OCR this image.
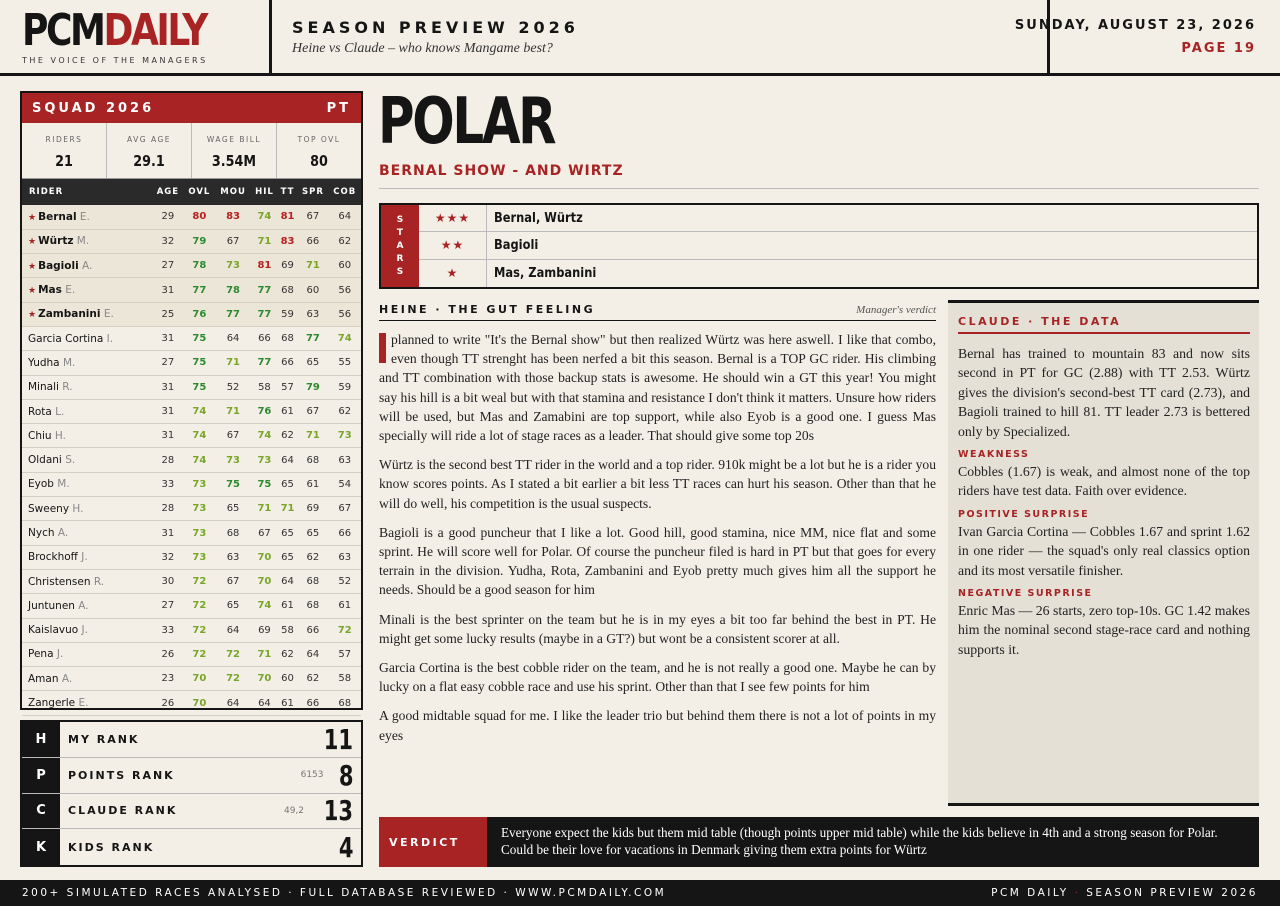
PCMDAILY
THE VOICE OF THE MANAGERS
SEASON PREVIEW 2026
Heine vs Claude – who knows Mangame best?
SUNDAY, AUGUST 23, 2026
PAGE 19
SQUAD 2026	PT
RIDERS
21
AVG AGE
29.1
WAGE BILL
3.54M
TOP OVL
80
RIDER	AGE	OVL	MOU	HIL	TT	SPR	COB
★ Bernal E.	29	80	83	74	81	67	64
★ Würtz M.	32	79	67	71	83	66	62
★ Bagioli A.	27	78	73	81	69	71	60
★ Mas E.	31	77	78	77	68	60	56
★ Zambanini E.	25	76	77	77	59	63	56
Garcia Cortina I.	31	75	64	66	68	77	74
Yudha M.	27	75	71	77	66	65	55
Minali R.	31	75	52	58	57	79	59
Rota L.	31	74	71	76	61	67	62
Chiu H.	31	74	67	74	62	71	73
Oldani S.	28	74	73	73	64	68	63
Eyob M.	33	73	75	75	65	61	54
Sweeny H.	28	73	65	71	71	69	67
Nych A.	31	73	68	67	65	65	66
Brockhoff J.	32	73	63	70	65	62	63
Christensen R.	30	72	67	70	64	68	52
Juntunen A.	27	72	65	74	61	68	61
Kaislavuo J.	33	72	64	69	58	66	72
Pena J.	26	72	72	71	62	64	57
Aman A.	23	70	72	70	60	62	58
Zangerle E.	26	70	64	64	61	66	68
H	MY RANK	11
P	POINTS RANK	6153 8
C	CLAUDE RANK	49,2 13
K	KIDS RANK	4
POLAR
BERNAL SHOW - AND WIRTZ
S
T
A
R
S
★★★	Bernal, Würtz
★★	Bagioli
★	Mas, Zambanini
HEINE · THE GUT FEELING	Manager's verdict

planned to write "It's the Bernal show" but then realized Würtz was here aswell. I like that combo, even though TT strenght has been nerfed a bit this season. Bernal is a TOP GC rider. His climbing and TT combination with those backup stats is awesome. He should win a GT this year! You might say his hill is a bit weal but with that stamina and resistance I don't think it matters. Unsure how riders will be used, but Mas and Zamabini are top support, while also Eyob is a good one. I guess Mas specially will ride a lot of stage races as a leader. That should give some top 20s

Würtz is the second best TT rider in the world and a top rider. 910k might be a lot but he is a rider you know scores points. As I stated a bit earlier a bit less TT races can hurt his season. Other than that he will do well, his competition is the usual suspects.

Bagioli is a good puncheur that I like a lot. Good hill, good stamina, nice MM, nice flat and some sprint. He will score well for Polar. Of course the puncheur filed is hard in PT but that goes for every terrain in the division. Yudha, Rota, Zambanini and Eyob pretty much gives him all the support he needs. Should be a good season for him

Minali is the best sprinter on the team but he is in my eyes a bit too far behind the best in PT. He might get some lucky results (maybe in a GT?) but wont be a consistent scorer at all.

Garcia Cortina is the best cobble rider on the team, and he is not really a good one. Maybe he can by lucky on a flat easy cobble race and use his sprint. Other than that I see few points for him

A good midtable squad for me. I like the leader trio but behind them there is not a lot of points in my eyes

CLAUDE · THE DATA

Bernal has trained to mountain 83 and now sits second in PT for GC (2.88) with TT 2.53. Würtz gives the division's second-best TT card (2.73), and Bagioli trained to hill 81. TT leader 2.73 is bettered only by Specialized.

WEAKNESS

Cobbles (1.67) is weak, and almost none of the top riders have test data. Faith over evidence.

POSITIVE SURPRISE

Ivan Garcia Cortina — Cobbles 1.67 and sprint 1.62 in one rider — the squad's only real classics option and its most versatile finisher.

NEGATIVE SURPRISE

Enric Mas — 26 starts, zero top-10s. GC 1.42 makes him the nominal second stage-race card and nothing supports it.

VERDICT
Everyone expect the kids but them mid table (though points upper mid table) while the kids believe in 4th and a strong season for Polar. Could be their love for vacations in Denmark giving them extra points for Würtz
200+ SIMULATED RACES ANALYSED · FULL DATABASE REVIEWED · WWW.PCMDAILY.COM	PCM DAILY · SEASON PREVIEW 2026
